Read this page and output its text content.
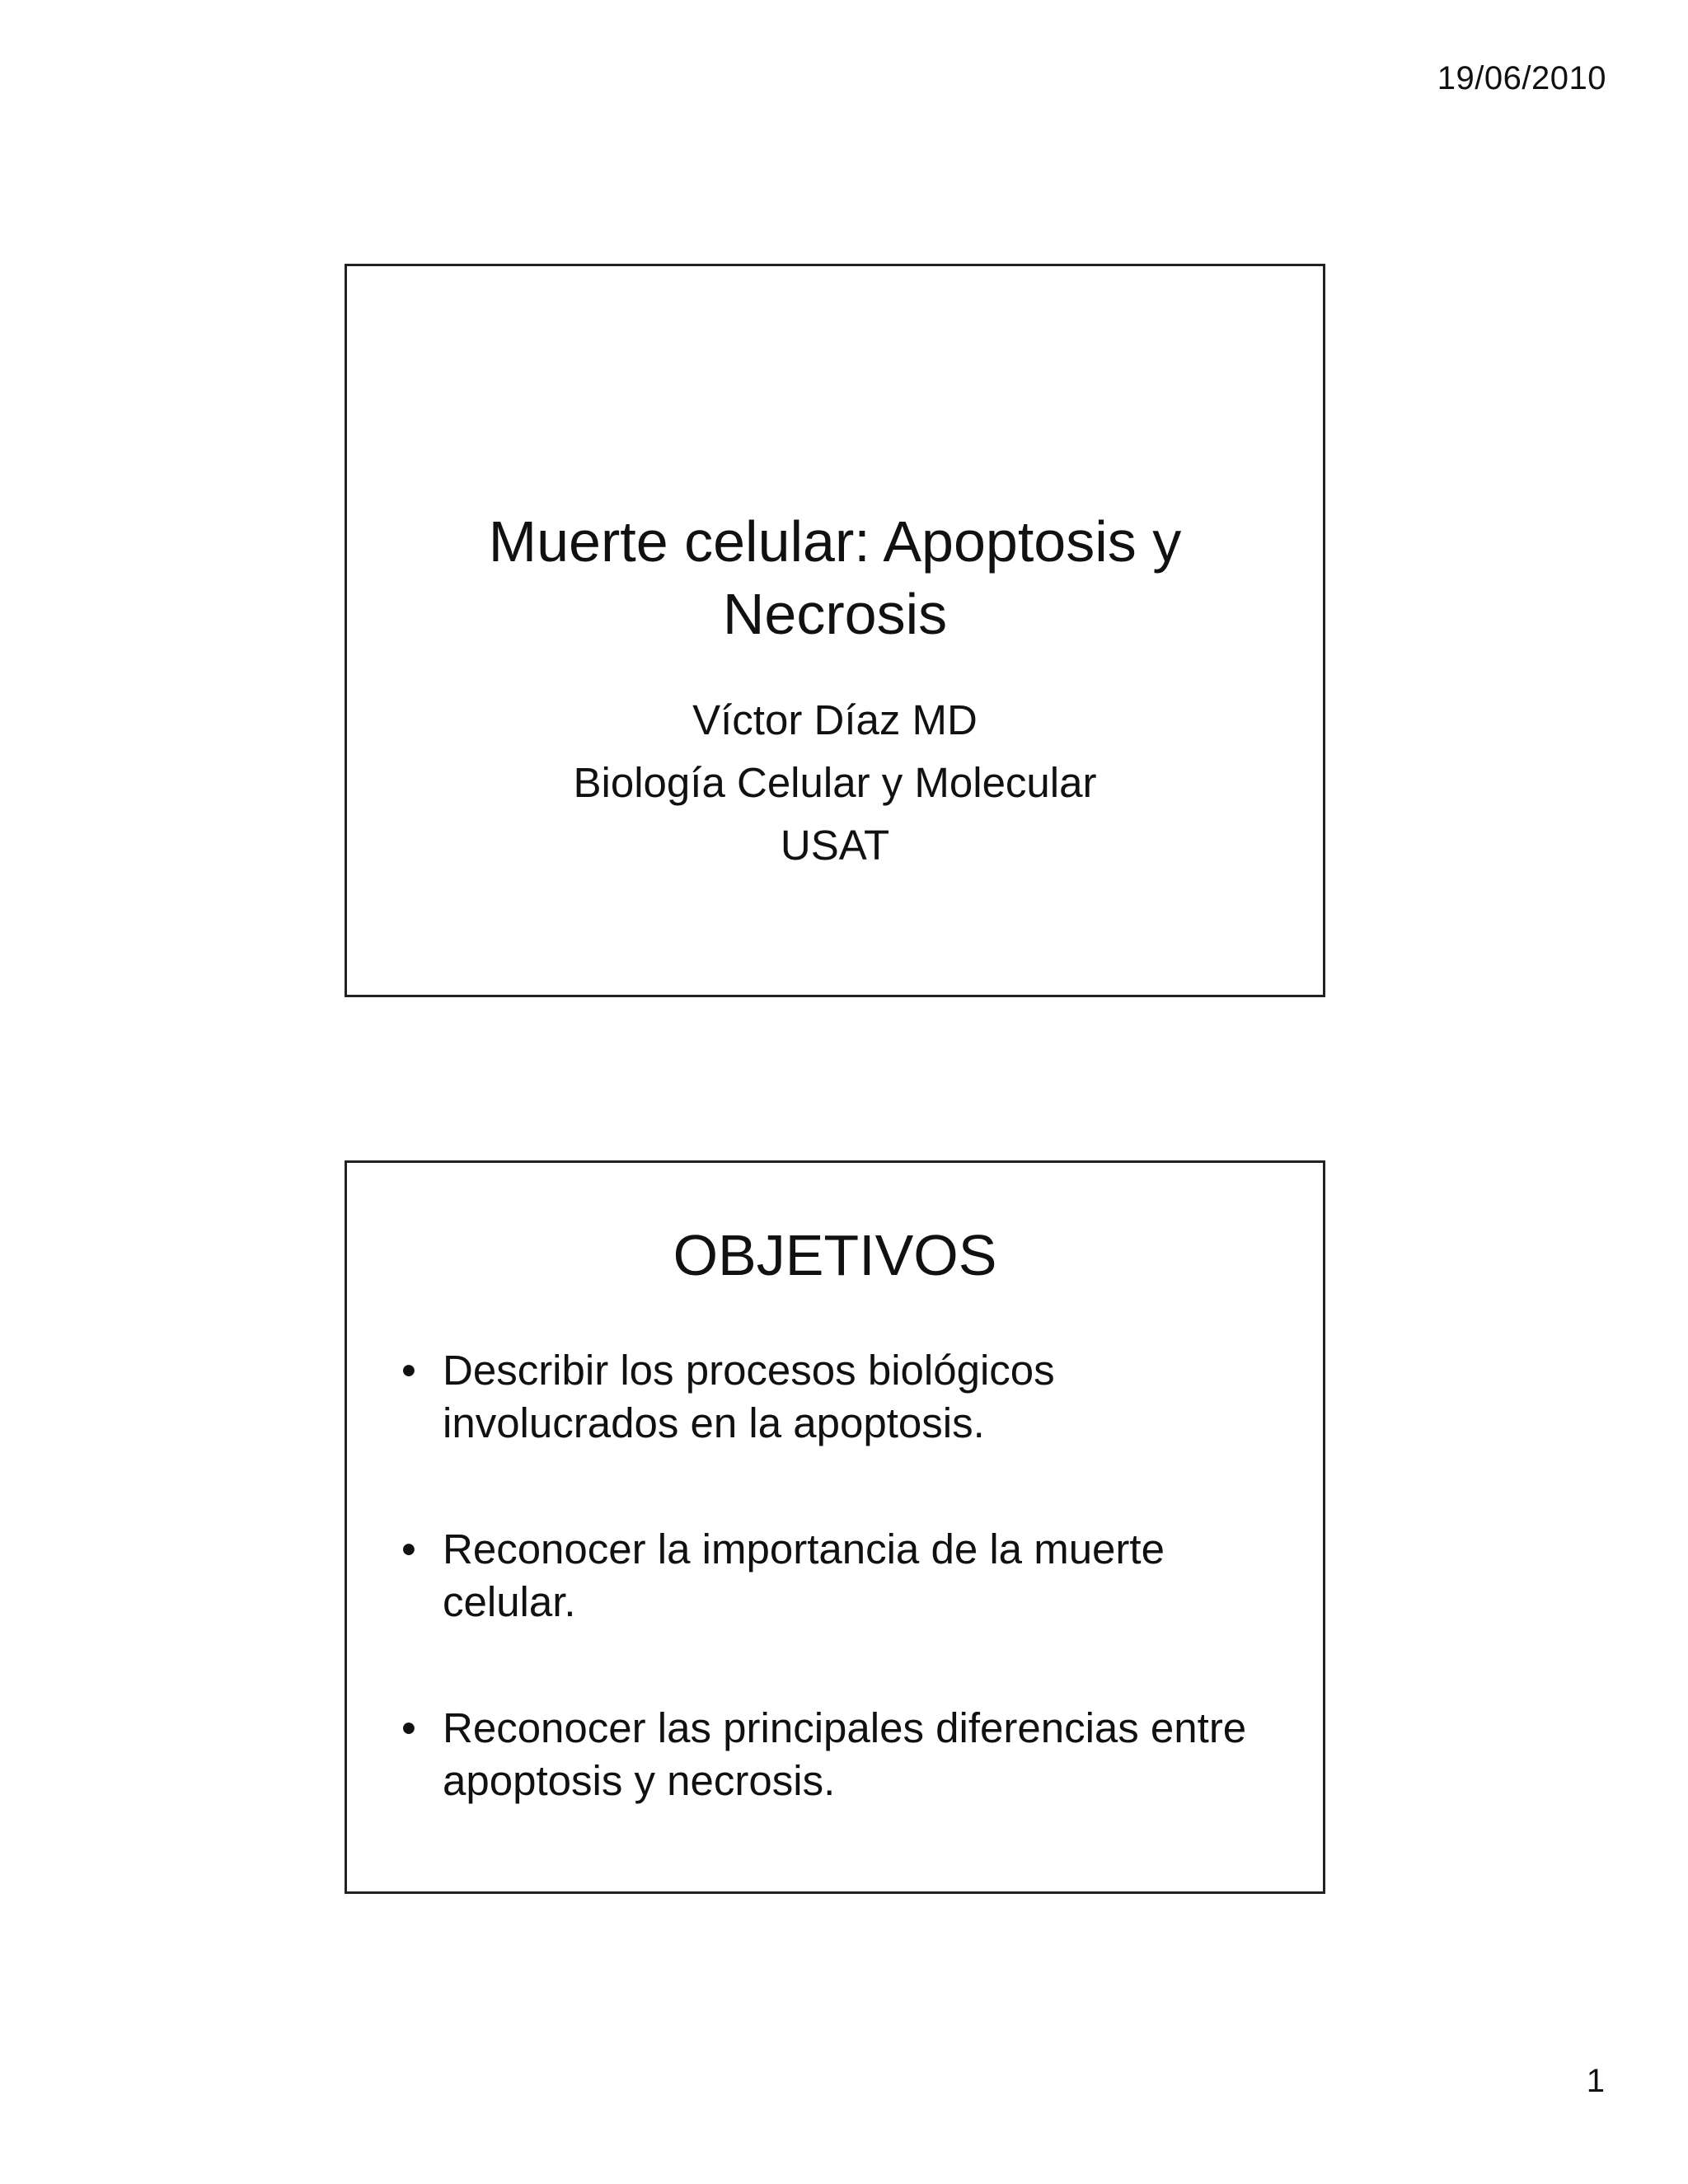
19/06/2010
Muerte celular: Apoptosis y
Necrosis
Víctor Díaz MD
Biología Celular y Molecular
USAT
OBJETIVOS
• Describir los procesos biológicos involucrados en la apoptosis.
• Reconocer la importancia de la muerte celular.
• Reconocer las principales diferencias entre apoptosis y necrosis.
1
